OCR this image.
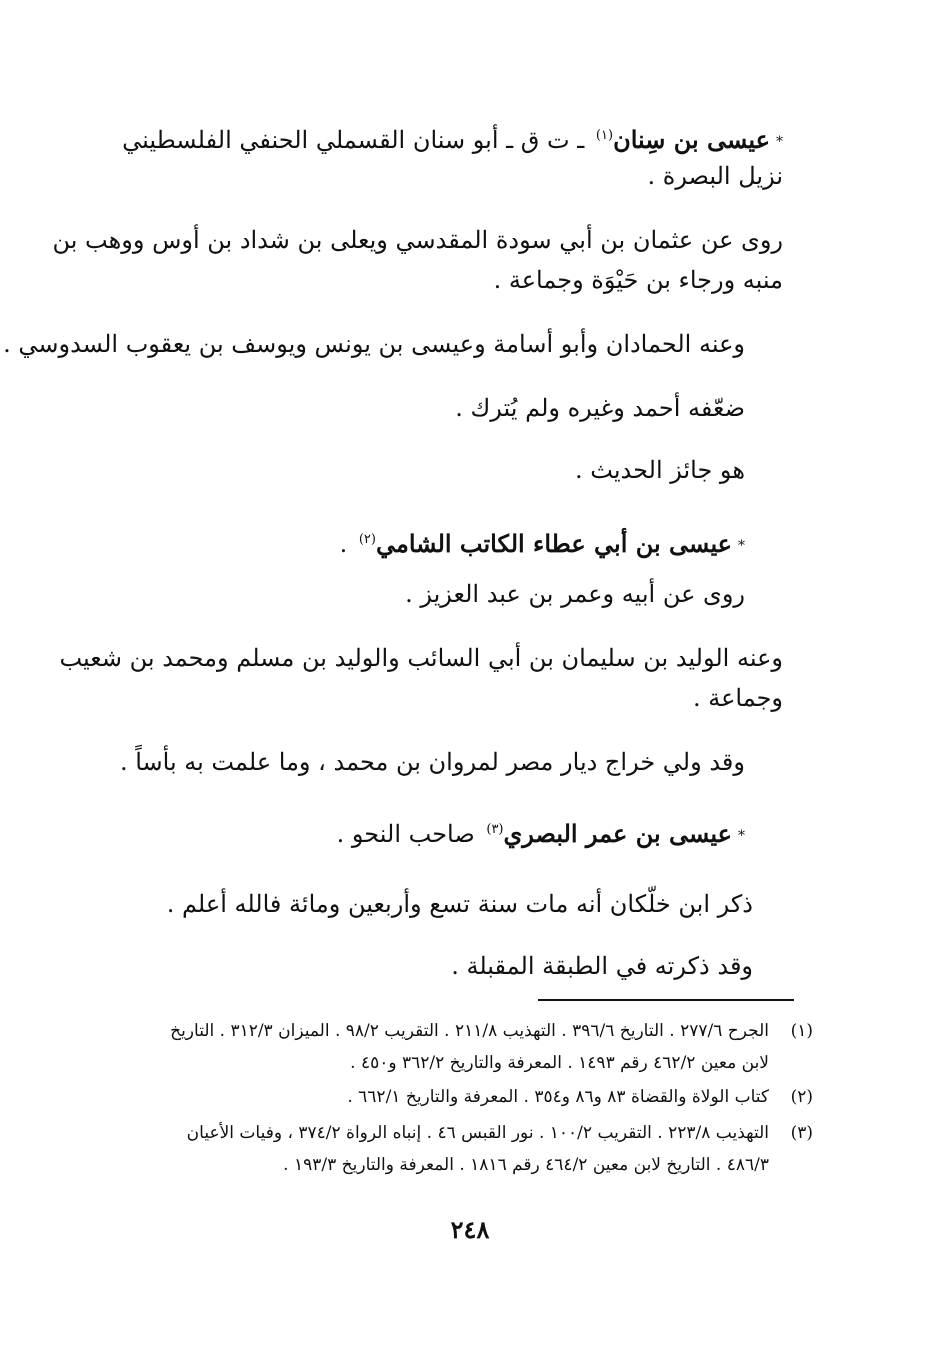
*عيسى بن سِنان$^{(١)}$ ـ ت ق ـ أبو سنان القسملي الحنفي الفلسطيني
نزيل البصرة .
روى عن عثمان بن أبي سودة المقدسي ويعلى بن شداد بن أوس ووهب بن
منبه ورجاء بن حَيْوَة وجماعة .
وعنه الحمادان وأبو أسامة وعيسى بن يونس ويوسف بن يعقوب السدوسي .
ضعّفه أحمد وغيره ولم يُترك .
هو جائز الحديث .
*عيسى بن أبي عطاء الكاتب الشامي$^{(٢)}$ .
روى عن أبيه وعمر بن عبد العزيز .
وعنه الوليد بن سليمان بن أبي السائب والوليد بن مسلم ومحمد بن شعيب
وجماعة .
وقد ولي خراج ديار مصر لمروان بن محمد ، وما علمت به بأساً .
*عيسى بن عمر البصري$^{(٣)}$ صاحب النحو .
ذكر ابن خلّكان أنه مات سنة تسع وأربعين ومائة فالله أعلم .
وقد ذكرته في الطبقة المقبلة .
(١)الجرح ٢٧٧/٦ . التاريخ ٣٩٦/٦ . التهذيب ٢١١/٨ . التقريب ٩٨/٢ . الميزان ٣١٢/٣ . التاريخ
لابن معين ٤٦٢/٢ رقم ١٤٩٣ . المعرفة والتاريخ ٣٦٢/٢ و٤٥٠ .
(٢)كتاب الولاة والقضاة ٨٣ و٨٦ و٣٥٤ . المعرفة والتاريخ ٦٦٢/١ .
(٣)التهذيب ٢٢٣/٨ . التقريب ١٠٠/٢ . نور القبس ٤٦ . إنباه الرواة ٣٧٤/٢ ، وفيات الأعيان
٤٨٦/٣ . التاريخ لابن معين ٤٦٤/٢ رقم ١٨١٦ . المعرفة والتاريخ ١٩٣/٣ .
٢٤٨
